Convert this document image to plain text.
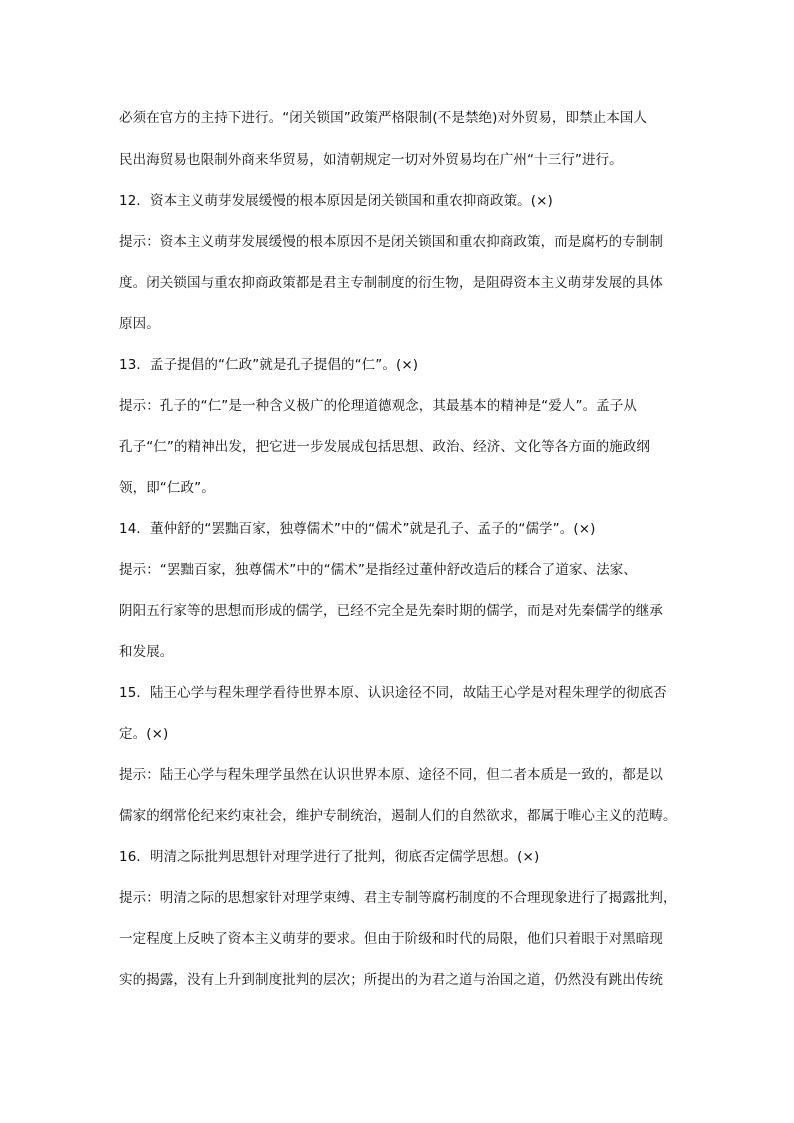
必须在官方的主持下进行。“闭关锁国”政策严格限制(不是禁绝)对外贸易，即禁止本国人
民出海贸易也限制外商来华贸易，如清朝规定一切对外贸易均在广州“十三行”进行。
12．资本主义萌芽发展缓慢的根本原因是闭关锁国和重农抑商政策。(×)
提示：资本主义萌芽发展缓慢的根本原因不是闭关锁国和重农抑商政策，而是腐朽的专制制
度。闭关锁国与重农抑商政策都是君主专制制度的衍生物，是阻碍资本主义萌芽发展的具体
原因。
13．孟子提倡的“仁政”就是孔子提倡的“仁”。(×)
提示：孔子的“仁”是一种含义极广的伦理道德观念，其最基本的精神是“爱人”。孟子从
孔子“仁”的精神出发，把它进一步发展成包括思想、政治、经济、文化等各方面的施政纲
领，即“仁政”。
14．董仲舒的“罢黜百家，独尊儒术”中的“儒术”就是孔子、孟子的“儒学”。(×)
提示：“罢黜百家，独尊儒术”中的“儒术”是指经过董仲舒改造后的糅合了道家、法家、
阴阳五行家等的思想而形成的儒学，已经不完全是先秦时期的儒学，而是对先秦儒学的继承
和发展。
15．陆王心学与程朱理学看待世界本原、认识途径不同，故陆王心学是对程朱理学的彻底否
定。(×)
提示：陆王心学与程朱理学虽然在认识世界本原、途径不同，但二者本质是一致的，都是以
儒家的纲常伦纪来约束社会，维护专制统治，遏制人们的自然欲求，都属于唯心主义的范畴。
16．明清之际批判思想针对理学进行了批判，彻底否定儒学思想。(×)
提示：明清之际的思想家针对理学束缚、君主专制等腐朽制度的不合理现象进行了揭露批判，
一定程度上反映了资本主义萌芽的要求。但由于阶级和时代的局限，他们只着眼于对黑暗现
实的揭露，没有上升到制度批判的层次；所提出的为君之道与治国之道，仍然没有跳出传统
